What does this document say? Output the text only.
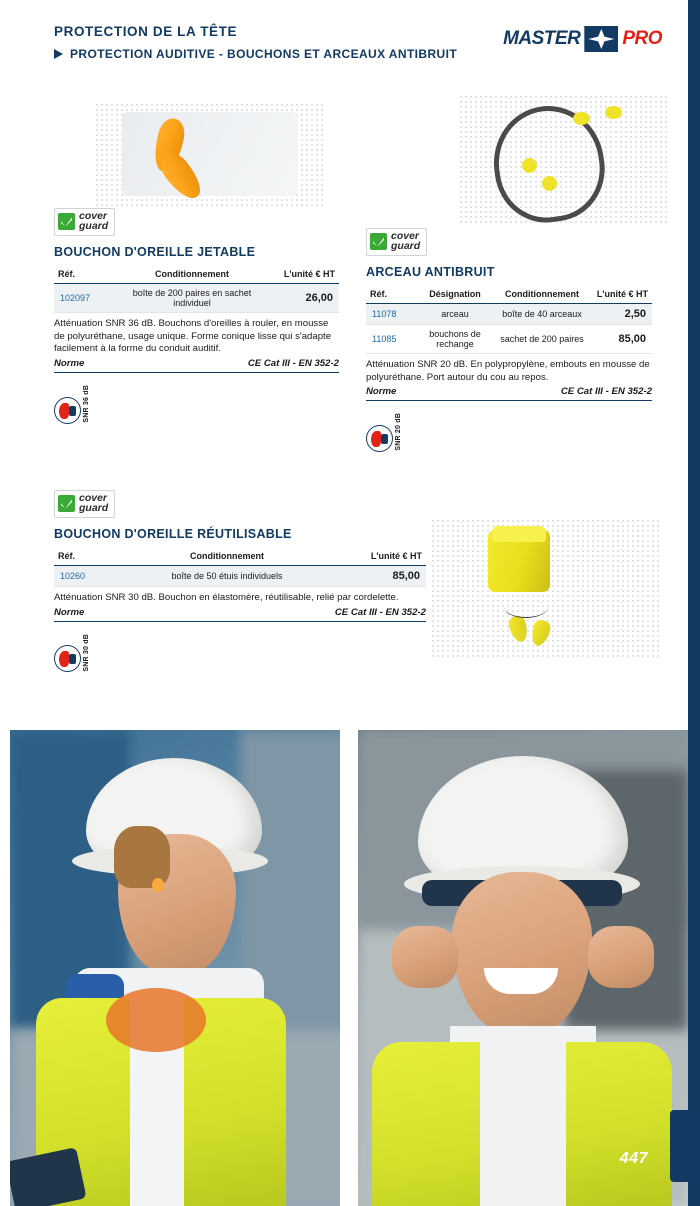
PROTECTION DE LA TÊTE
PROTECTION AUDITIVE - BOUCHONS ET ARCEAUX ANTIBRUIT
MASTER PRO
cover
guard
BOUCHON D'OREILLE JETABLE
Réf.	Conditionnement	L'unité € HT
102097	boîte de 200 paires en sachet individuel	26,00
Atténuation SNR 36 dB. Bouchons d'oreilles à rouler, en mousse de polyuréthane, usage unique. Forme conique lisse qui s'adapte facilement à la forme du conduit auditif.
Norme	CE Cat III - EN 352-2
SNR 36 dB
cover
guard
ARCEAU ANTIBRUIT
Réf.	Désignation	Conditionnement	L'unité € HT
11078	arceau	boîte de 40 arceaux	2,50
11085	bouchons de rechange	sachet de 200 paires	85,00
Atténuation SNR 20 dB. En polypropylène, embouts en mousse de polyuréthane. Port autour du cou au repos.
Norme	CE Cat III - EN 352-2
SNR 20 dB
cover
guard
BOUCHON D'OREILLE RÉUTILISABLE
Réf.	Conditionnement	L'unité € HT
10260	boîte de 50 étuis individuels	85,00
Atténuation SNR 30 dB. Bouchon en élastomère, réutilisable, relié par cordelette.
Norme	CE Cat III - EN 352-2
SNR 30 dB
447
